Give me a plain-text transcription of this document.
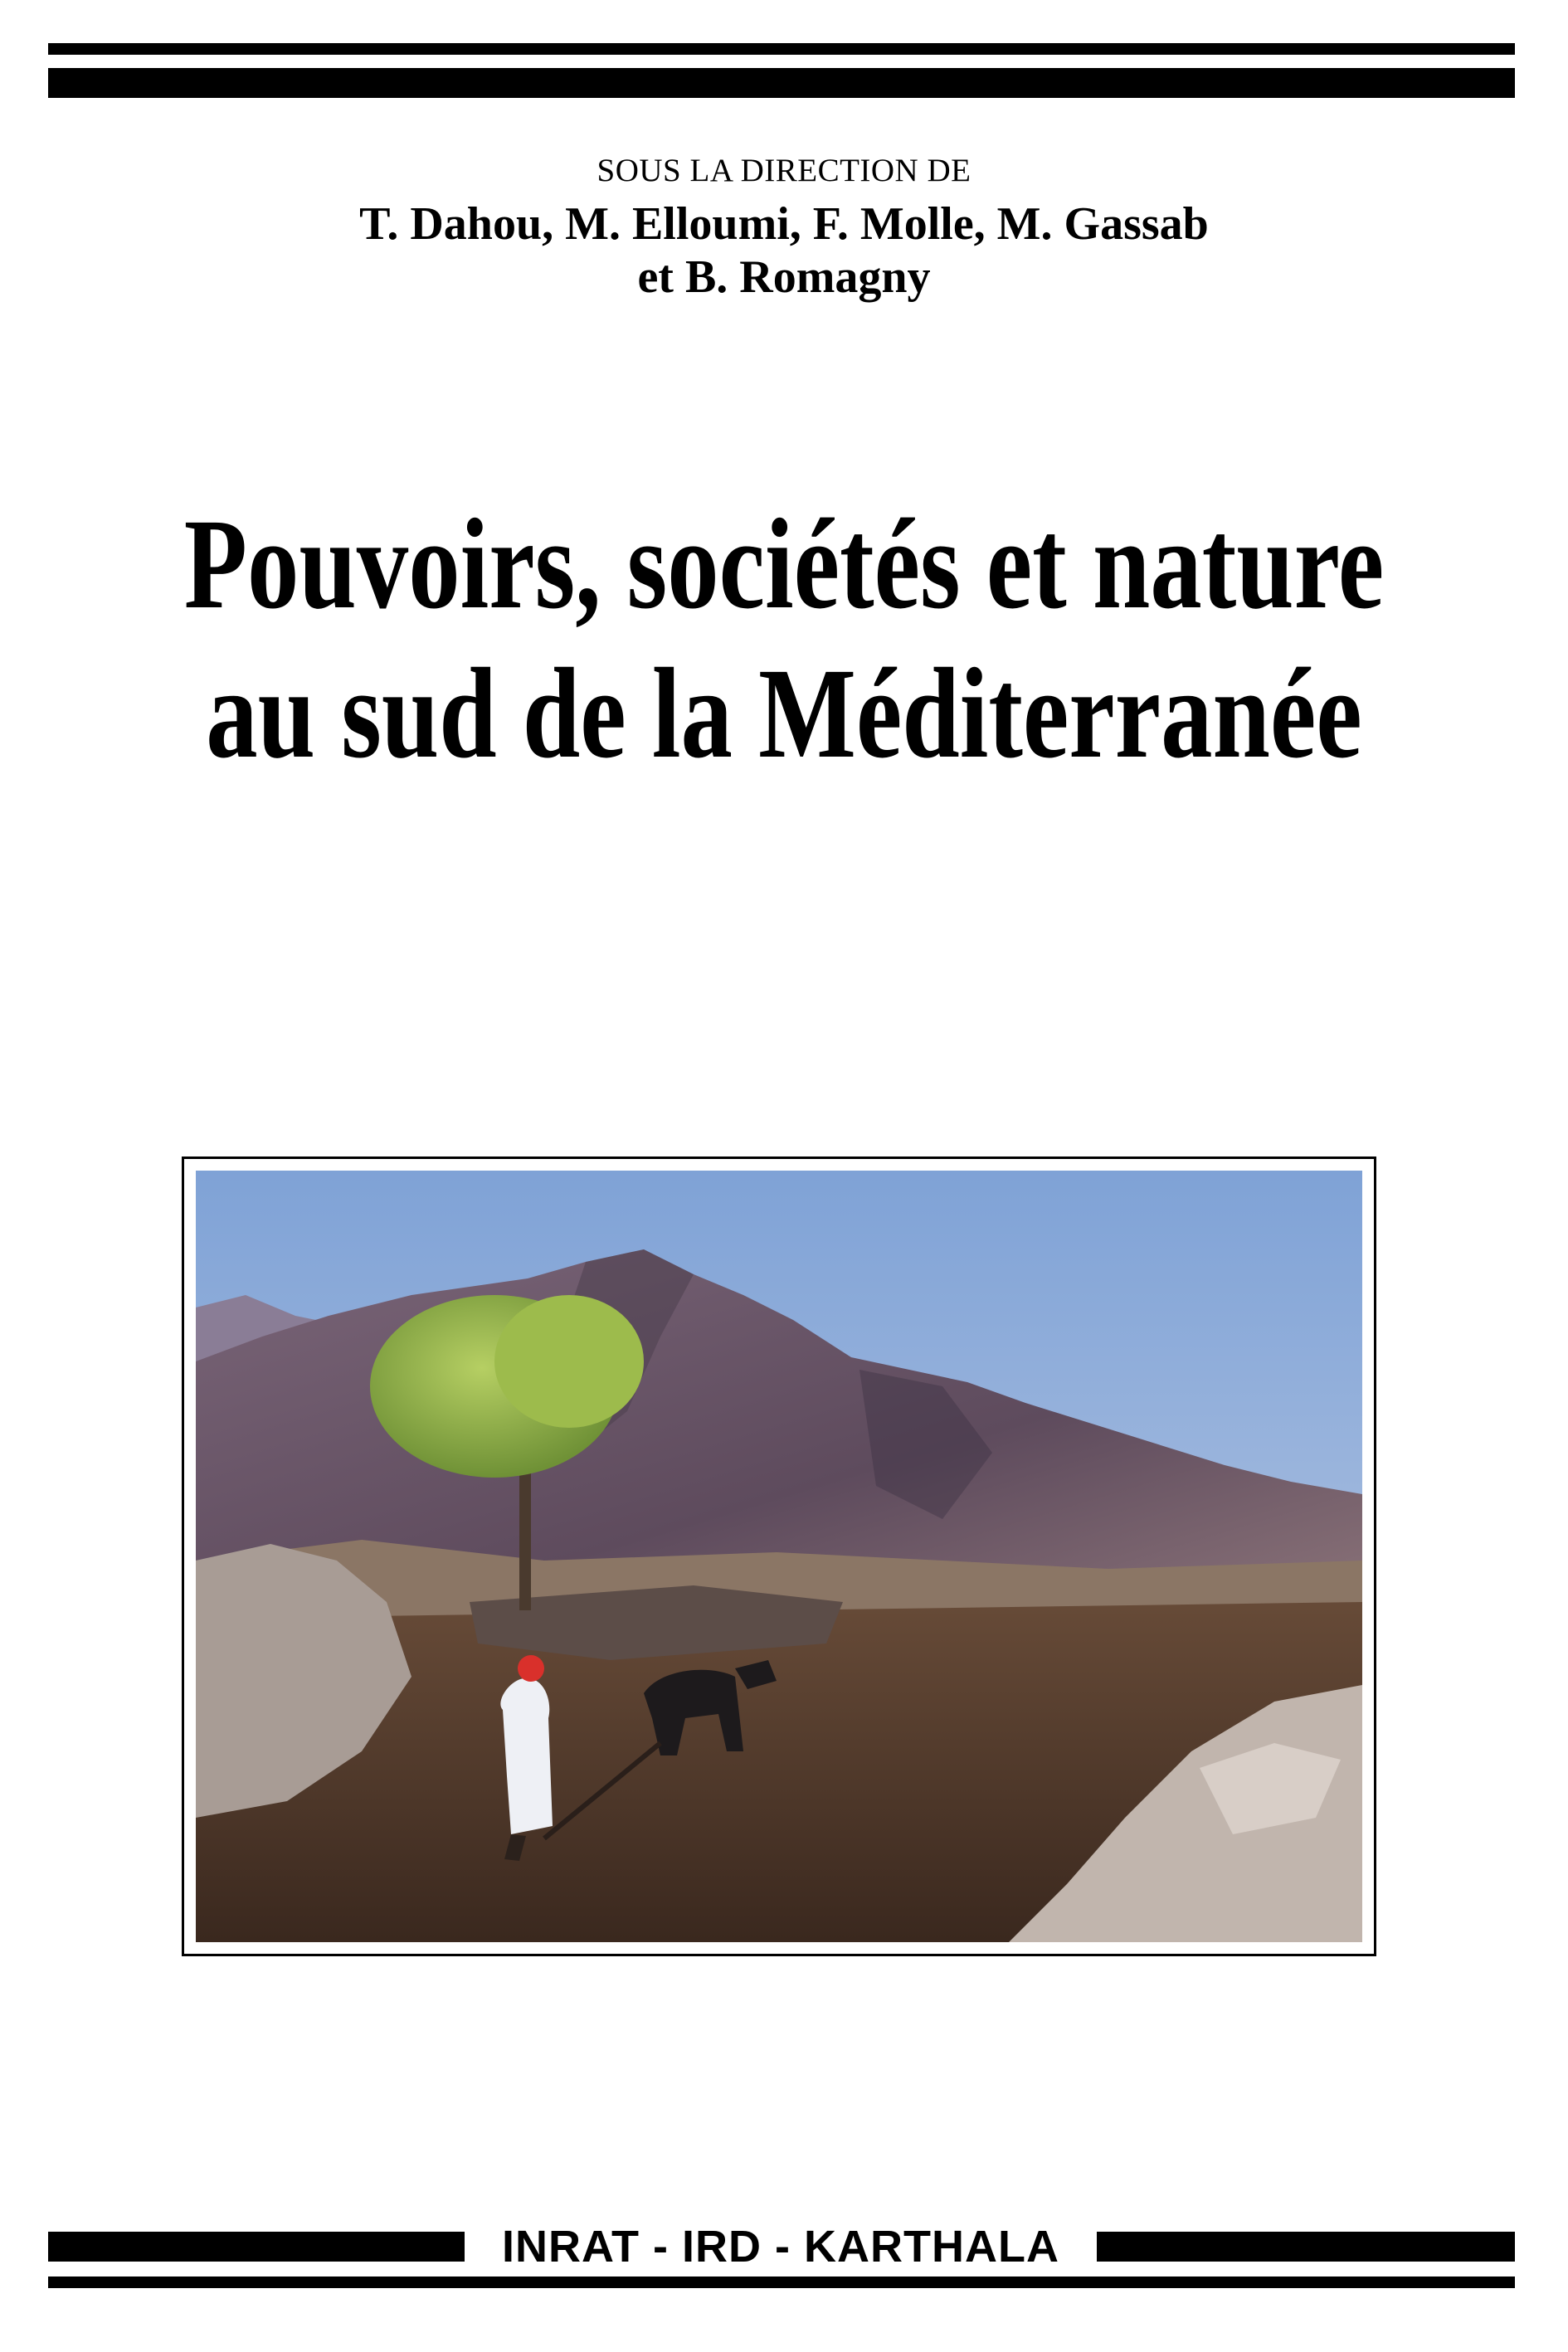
SOUS LA DIRECTION DE
T. Dahou, M. Elloumi, F. Molle, M. Gassab
et B. Romagny
Pouvoirs, sociétés et nature
au sud de la Méditerranée
INRAT - IRD - KARTHALA
